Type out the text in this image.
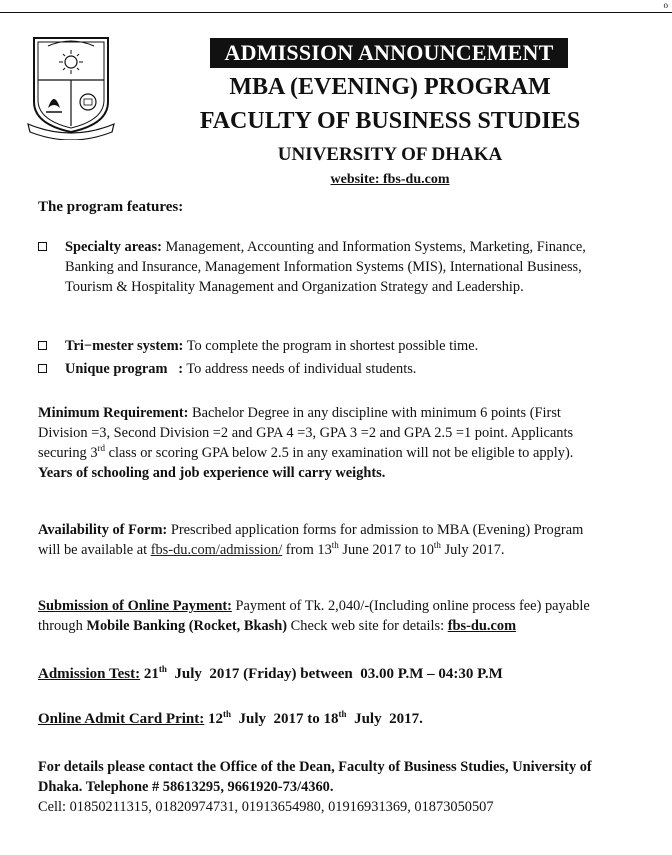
o
ADMISSION ANNOUNCEMENT
MBA (EVENING) PROGRAM
FACULTY OF BUSINESS STUDIES
UNIVERSITY OF DHAKA
website: fbs-du.com
The program features:
Specialty areas: Management, Accounting and Information Systems, Marketing, Finance,
Banking and Insurance, Management Information Systems (MIS), International Business,
Tourism & Hospitality Management and Organization Strategy and Leadership.
Tri−mester system: To complete the program in shortest possible time.
Unique program   : To address needs of individual students.
Minimum Requirement: Bachelor Degree in any discipline with minimum 6 points (First
Division =3, Second Division =2 and GPA 4 =3, GPA 3 =2 and GPA 2.5 =1 point. Applicants
securing 3rd class or scoring GPA below 2.5 in any examination will not be eligible to apply).
Years of schooling and job experience will carry weights.
Availability of Form: Prescribed application forms for admission to MBA (Evening) Program
will be available at fbs-du.com/admission/ from 13th June 2017 to 10th July 2017.
Submission of Online Payment: Payment of Tk. 2,040/-(Including online process fee) payable
through Mobile Banking (Rocket, Bkash) Check web site for details: fbs-du.com
Admission Test: 21th  July  2017 (Friday) between  03.00 P.M – 04:30 P.M
Online Admit Card Print: 12th  July  2017 to 18th  July  2017.
For details please contact the Office of the Dean, Faculty of Business Studies, University of
Dhaka. Telephone # 58613295, 9661920-73/4360.
Cell: 01850211315, 01820974731, 01913654980, 01916931369, 01873050507
